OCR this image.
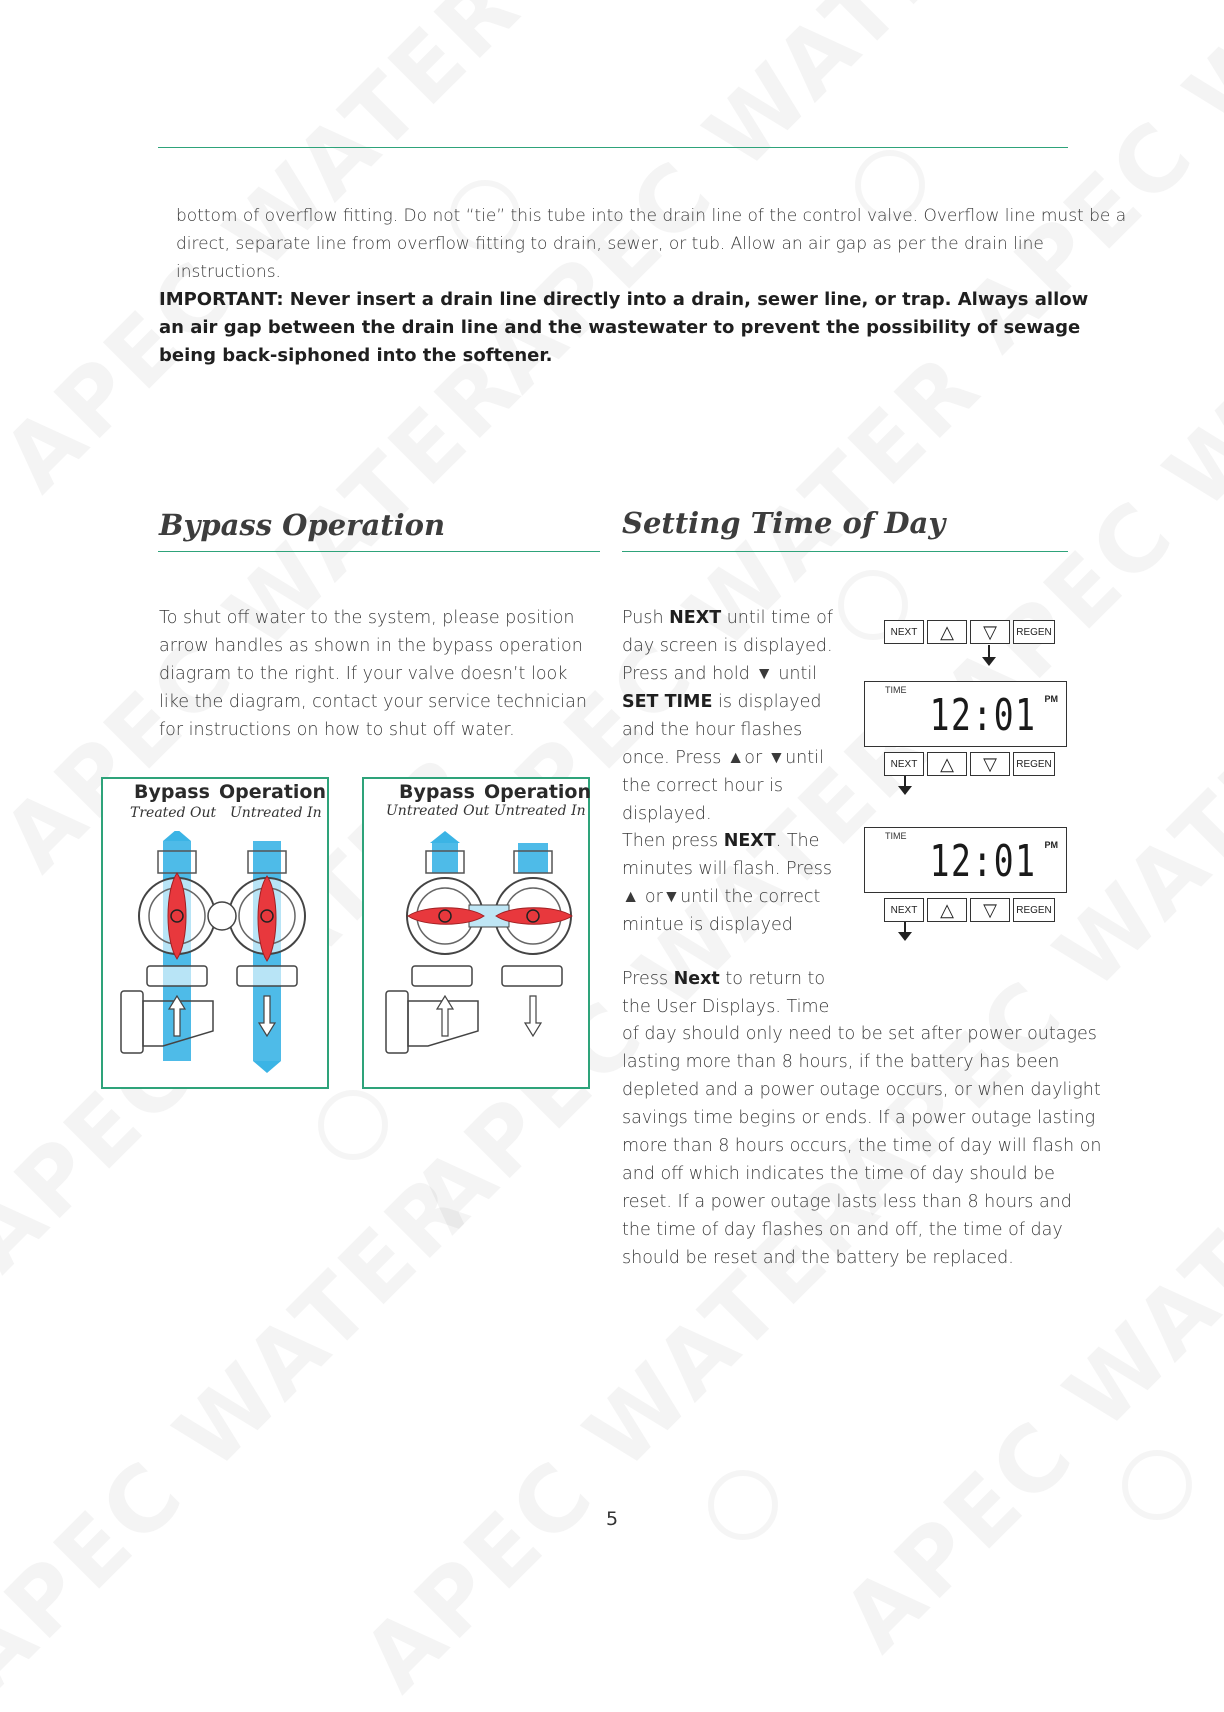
bottom of overflow fitting. Do not “tie” this tube into the drain line of the control valve. Overflow line must be a direct, separate line from overflow fitting to drain, sewer, or tub. Allow an air gap as per the drain line instructions.
IMPORTANT: Never insert a drain line directly into a drain, sewer line, or trap. Always allow an air gap between the drain line and the wastewater to prevent the possibility of sewage being back-siphoned into the softener.
Bypass Operation
To shut off water to the system, please position arrow handles as shown in the bypass operation diagram to the right. If your valve doesn’t look like the diagram, contact your service technician for instructions on how to shut off water.
Bypass Operation
Treated Out Untreated In
Bypass Operation
Untreated Out Untreated In
Setting Time of Day
Push NEXT until time of day screen is displayed. Press and hold ▼ until SET TIME is displayed and the hour flashes once. Press ▲or ▼until the correct hour is displayed.
Then press NEXT. The minutes will flash. Press ▲ or▼until the correct mintue is displayed
Press Next to return to the User Displays. Time
of day should only need to be set after power outages lasting more than 8 hours, if the battery has been depleted and a power outage occurs, or when daylight savings time begins or ends. If a power outage lasting more than 8 hours occurs, the time of day will flash on and off which indicates the time of day should be reset. If a power outage lasts less than 8 hours and the time of day flashes on and off, the time of day should be reset and the battery be replaced.
NEXT	△ ▽	REGEN
TIME 12:01 PM
NEXT	△ ▽	REGEN
TIME 12:01 PM
NEXT	△ ▽	REGEN
5
